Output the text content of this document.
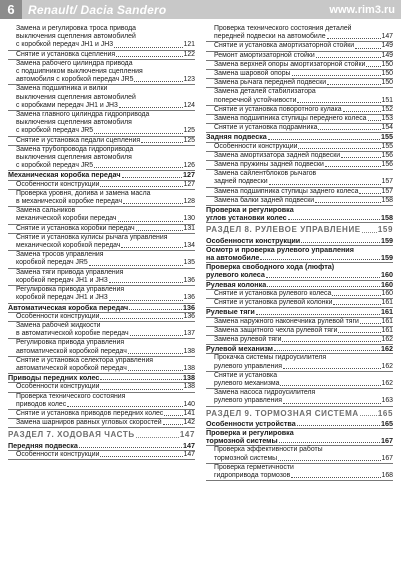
6	Renault/ Dacia Sandero	www.rim3.ru
Замена и регулировка троса привода
выключения сцепления автомобилей
с коробкой передач JH1 и JH3	121
Снятие и установка сцепления	122
Замена рабочего цилиндра привода
с подшипником выключения сцепления
автомобиля с коробкой передач JR5	123
Замена подшипника и вилки
выключения сцепления автомобилей
с коробками передач JH1 и JH3	124
Замена главного цилиндра гидропривода
выключения сцепления автомобиля
с коробкой передач JR5	125
Снятие и установка педали сцепления	125
Замена трубопровода гидропривода
выключения сцепления автомобиля
с коробкой передач JR5	126
Механическая коробка передач	127
Особенности конструкции	127
Проверка уровня, долива и замена масла
в механической коробке передач	128
Замена сальников
механической коробки передач	130
Снятие и установка коробки передач	131
Снятие и установка кулисы рычага управления
механической коробкой передач	134
Замена тросов управления
коробкой передач JR5	135
Замена тяги привода управления
коробкой передач JH1 и JH3	136
Регулировка привода управления
коробкой передач JH1 и JH3	136
Автоматическая коробка передач	136
Особенности конструкции	136
Замена рабочей жидкости
в автоматической коробке передач	137
Регулировка привода управления
автоматической коробкой передач	138
Снятие и установка селектора управления
автоматической коробкой передач	138
Приводы передних колес	138
Особенности конструкции	138
Проверка технического состояния
приводов колес	140
Снятие и установка приводов передних колес	141
Замена шарниров равных угловых скоростей	142
РАЗДЕЛ 7. ХОДОВАЯ ЧАСТЬ	147
Передняя подвеска	147
Особенности конструкции	147
Проверка технического состояния деталей
передней подвески на автомобиле	147
Снятие и установка амортизаторной стойки	149
Ремонт амортизаторной стойки	149
Замена верхней опоры амортизаторной стойки 150
Замена шаровой опоры	150
Замена рычага передней подвески	150
Замена деталей стабилизатора
поперечной устойчивости	151
Снятие и установка поворотного кулака	152
Замена подшипника ступицы переднего колеса 153
Снятие и установка подрамника	154
Задняя подвеска	155
Особенности конструкции	155
Замена амортизатора задней подвески	156
Замена пружины задней подвески	156
Замена сайлентблоков рычагов
задней подвески	157
Замена подшипника ступицы заднего колеса	157
Замена балки задней подвески	158
Проверка и регулировка
углов установки колес	158
РАЗДЕЛ 8. РУЛЕВОЕ УПРАВЛЕНИЕ 159
Особенности конструкции	159
Осмотр и проверка рулевого управления
на автомобиле	159
Проверка свободного хода (люфта)
рулевого колеса	160
Рулевая колонка	160
Снятие и установка рулевого колеса	160
Снятие и установка рулевой колонки	161
Рулевые тяги	161
Замена наружного наконечника рулевой тяги	161
Замена защитного чехла рулевой тяги	161
Замена рулевой тяги	162
Рулевой механизм	162
Прокачка системы гидроусилителя
рулевого управления	162
Снятие и установка
рулевого механизма	162
Замена насоса гидроусилителя
рулевого управления	163
РАЗДЕЛ 9. ТОРМОЗНАЯ СИСТЕМА 165
Особенности устройства	165
Проверка и регулировка
тормозной системы	167
Проверка эффективности работы
тормозной системы	167
Проверка герметичности
гидропривода тормозов	168
